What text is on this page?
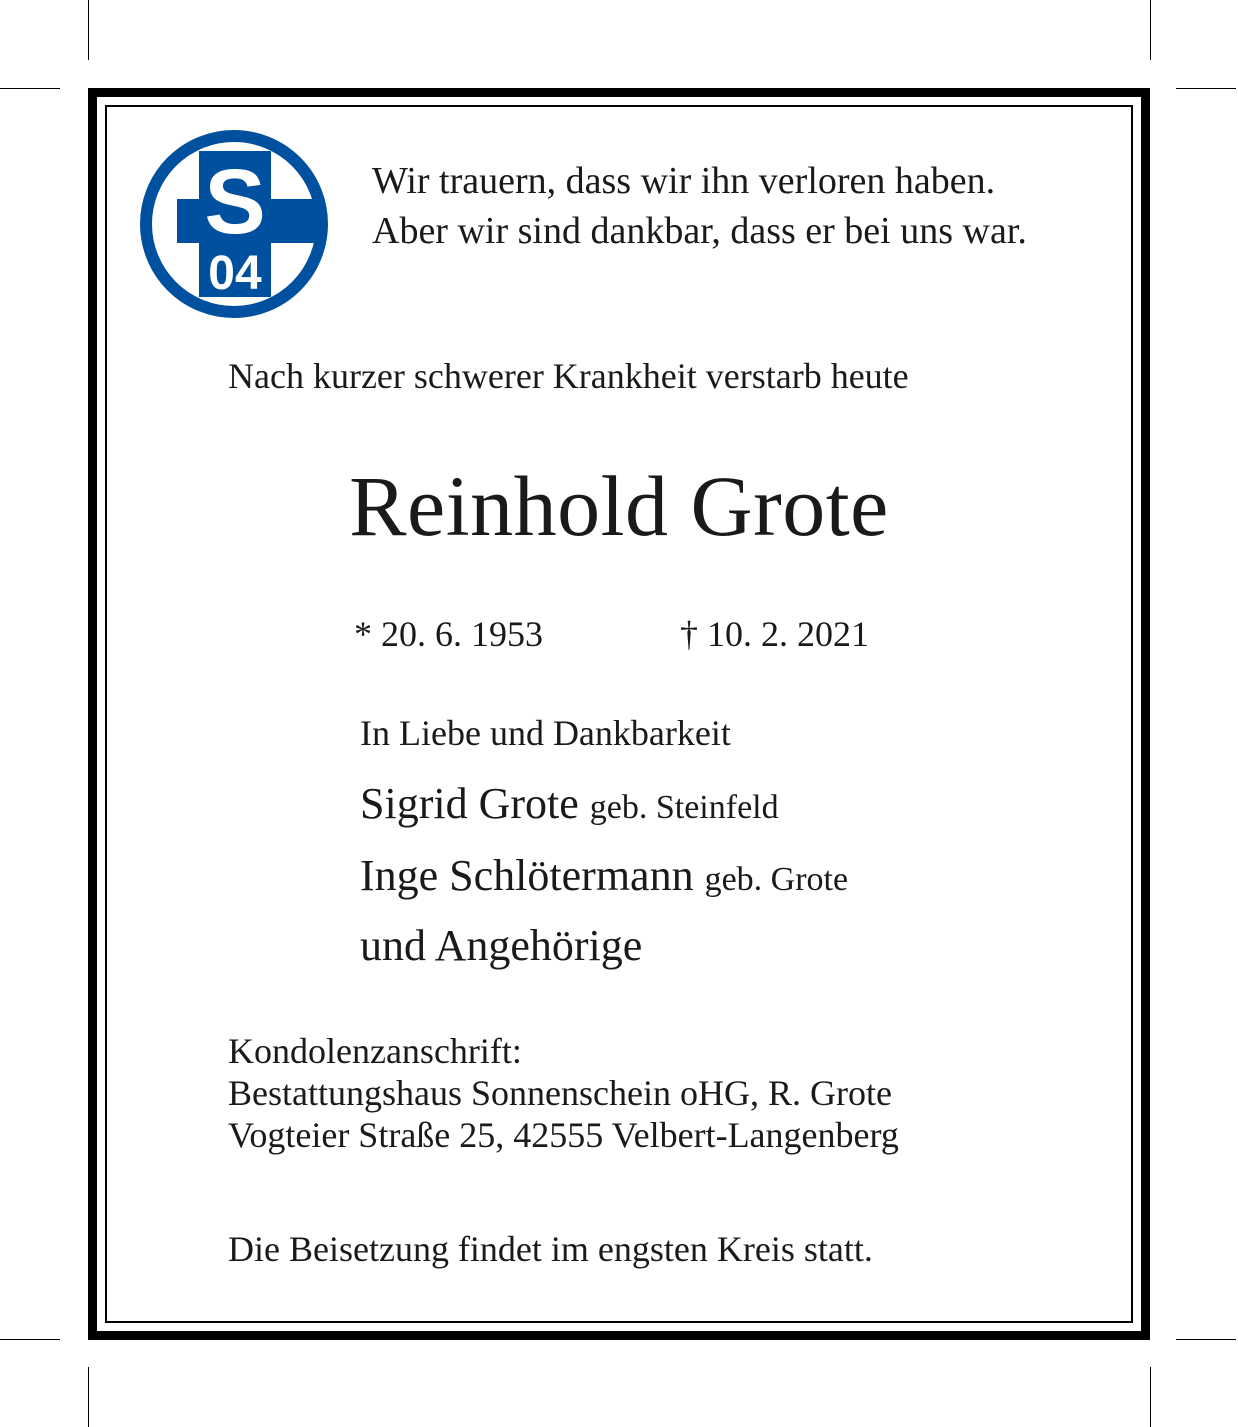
S
04
Wir trauern, dass wir ihn verloren haben.
Aber wir sind dankbar, dass er bei uns war.
Nach kurzer schwerer Krankheit verstarb heute
Reinhold Grote
* 20. 6. 1953	† 10. 2. 2021
In Liebe und Dankbarkeit
Sigrid Grote geb. Steinfeld
Inge Schlötermann geb. Grote
und Angehörige
Kondolenzanschrift:
Bestattungshaus Sonnenschein oHG, R. Grote
Vogteier Straße 25, 42555 Velbert-Langenberg
Die Beisetzung findet im engsten Kreis statt.
